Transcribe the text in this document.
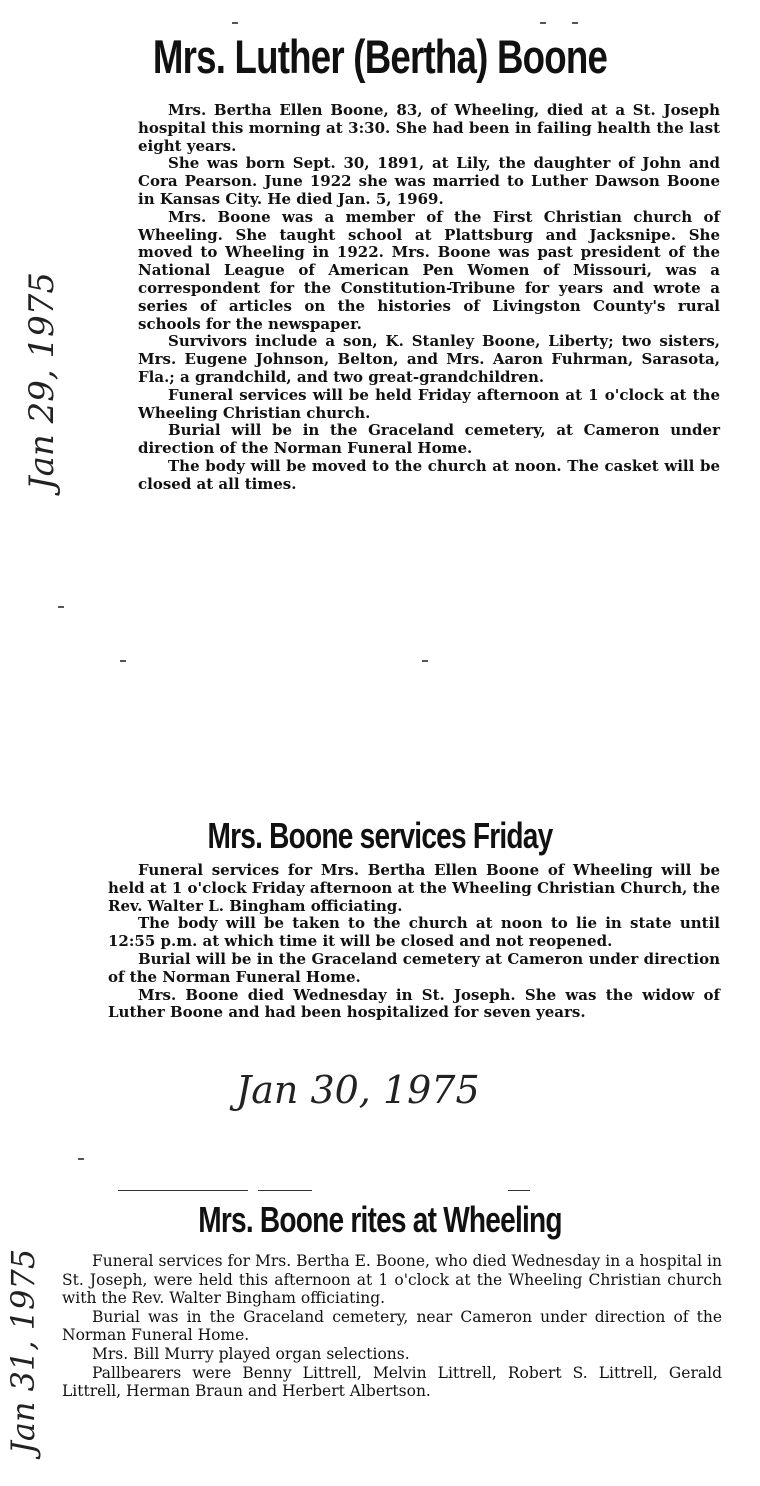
Mrs. Luther (Bertha) Boone

Mrs. Bertha Ellen Boone, 83, of Wheeling, died at a St. Joseph hospital this morning at 3:30. She had been in failing health the last eight years.

She was born Sept. 30, 1891, at Lily, the daughter of John and Cora Pearson. June 1922 she was married to Luther Dawson Boone in Kansas City. He died Jan. 5, 1969.

Mrs. Boone was a member of the First Christian church of Wheeling. She taught school at Plattsburg and Jacksnipe. She moved to Wheeling in 1922. Mrs. Boone was past president of the National League of American Pen Women of Missouri, was a correspondent for the Constitution-Tribune for years and wrote a series of articles on the histories of Livingston County's rural schools for the newspaper.

Survivors include a son, K. Stanley Boone, Liberty; two sisters, Mrs. Eugene Johnson, Belton, and Mrs. Aaron Fuhrman, Sarasota, Fla.; a grandchild, and two great-grandchildren.

Funeral services will be held Friday afternoon at 1 o'clock at the Wheeling Christian church.

Burial will be in the Graceland cemetery, at Cameron under direction of the Norman Funeral Home.

The body will be moved to the church at noon. The casket will be closed at all times.

Jan 29, 1975
Mrs. Boone services Friday

Funeral services for Mrs. Bertha Ellen Boone of Wheeling will be held at 1 o'clock Friday afternoon at the Wheeling Christian Church, the Rev. Walter L. Bingham officiating.

The body will be taken to the church at noon to lie in state until 12:55 p.m. at which time it will be closed and not reopened.

Burial will be in the Graceland cemetery at Cameron under direction of the Norman Funeral Home.

Mrs. Boone died Wednesday in St. Joseph. She was the widow of Luther Boone and had been hospitalized for seven years.

Jan 30, 1975
Mrs. Boone rites at Wheeling

Funeral services for Mrs. Bertha E. Boone, who died Wednesday in a hospital in St. Joseph, were held this afternoon at 1 o'clock at the Wheeling Christian church with the Rev. Walter Bingham officiating.

Burial was in the Graceland cemetery, near Cameron under direction of the Norman Funeral Home.

Mrs. Bill Murry played organ selections.

Pallbearers were Benny Littrell, Melvin Littrell, Robert S. Littrell, Gerald Littrell, Herman Braun and Herbert Albertson.

Jan 31, 1975
